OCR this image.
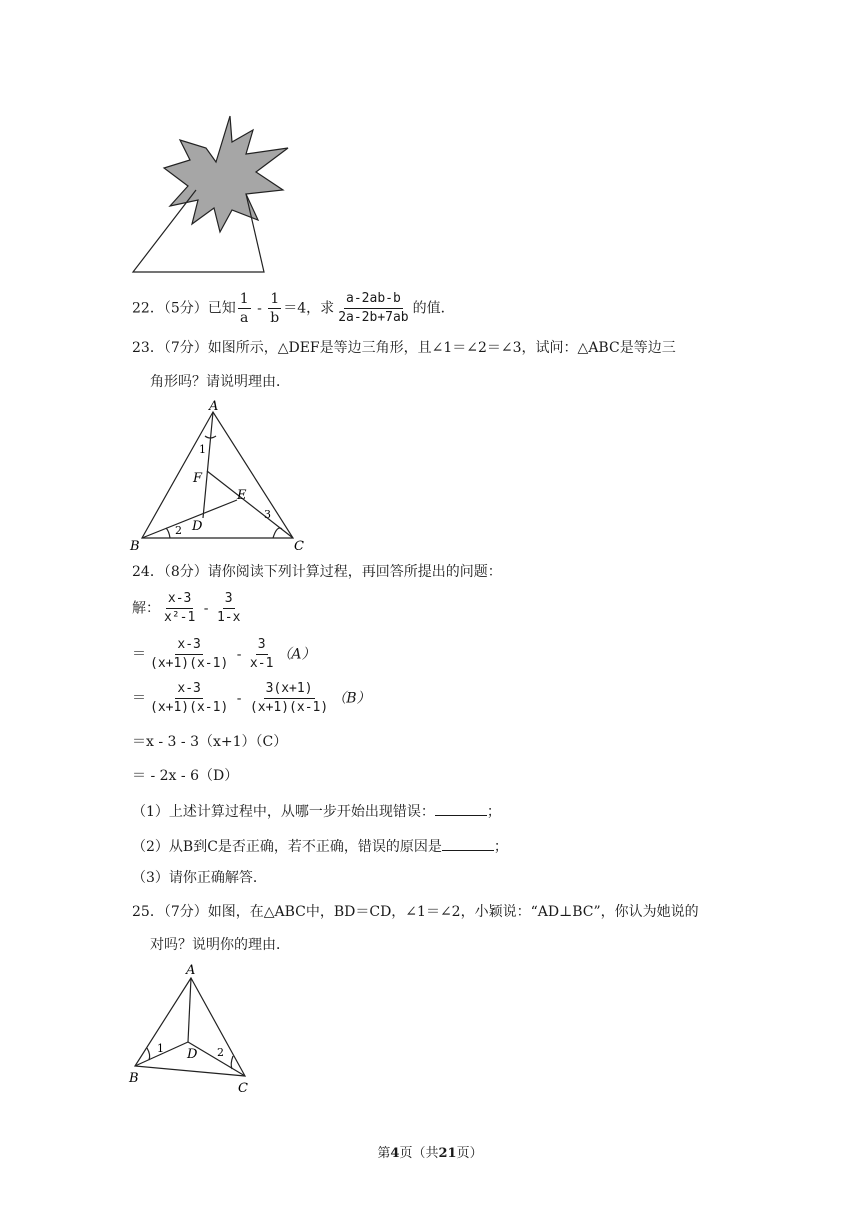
22．（5分）已知 $\frac{1}{a} - \frac{1}{b} =4$，求 $\frac{a-2ab-b}{2a-2b+7ab}$ 的值．
23．（7分）如图所示，△DEF是等边三角形，且∠1＝∠2＝∠3，试问：△ABC是等边三
角形吗？请说明理由．
A
B	C
D
E
F
1
2
3
24．（8分）请你阅读下列计算过程，再回答所提出的问题：
解： $\frac{x-3}{\text{x²-1}} - \frac{3}{1-x}$
＝ $\frac{x-3}{(x+1)(x-1)} - \frac{3}{x-1} (A)$
＝ $\frac{x-3}{(x+1)(x-1)} - \frac{3(x+1)}{(x+1)(x-1)} (B)$
＝x - 3 - 3（x+1）（C）
＝ - 2x - 6（D）
（1）上述计算过程中，从哪一步开始出现错误：	；
（2）从B到C是否正确，若不正确，错误的原因是	；
（3）请你正确解答．
25．（7分）如图，在△ABC中，BD＝CD，∠1＝∠2，小颖说：“AD⊥BC”，你认为她说的
对吗？说明你的理由．
A
B
C
D
1	2
第4页（共21页）
